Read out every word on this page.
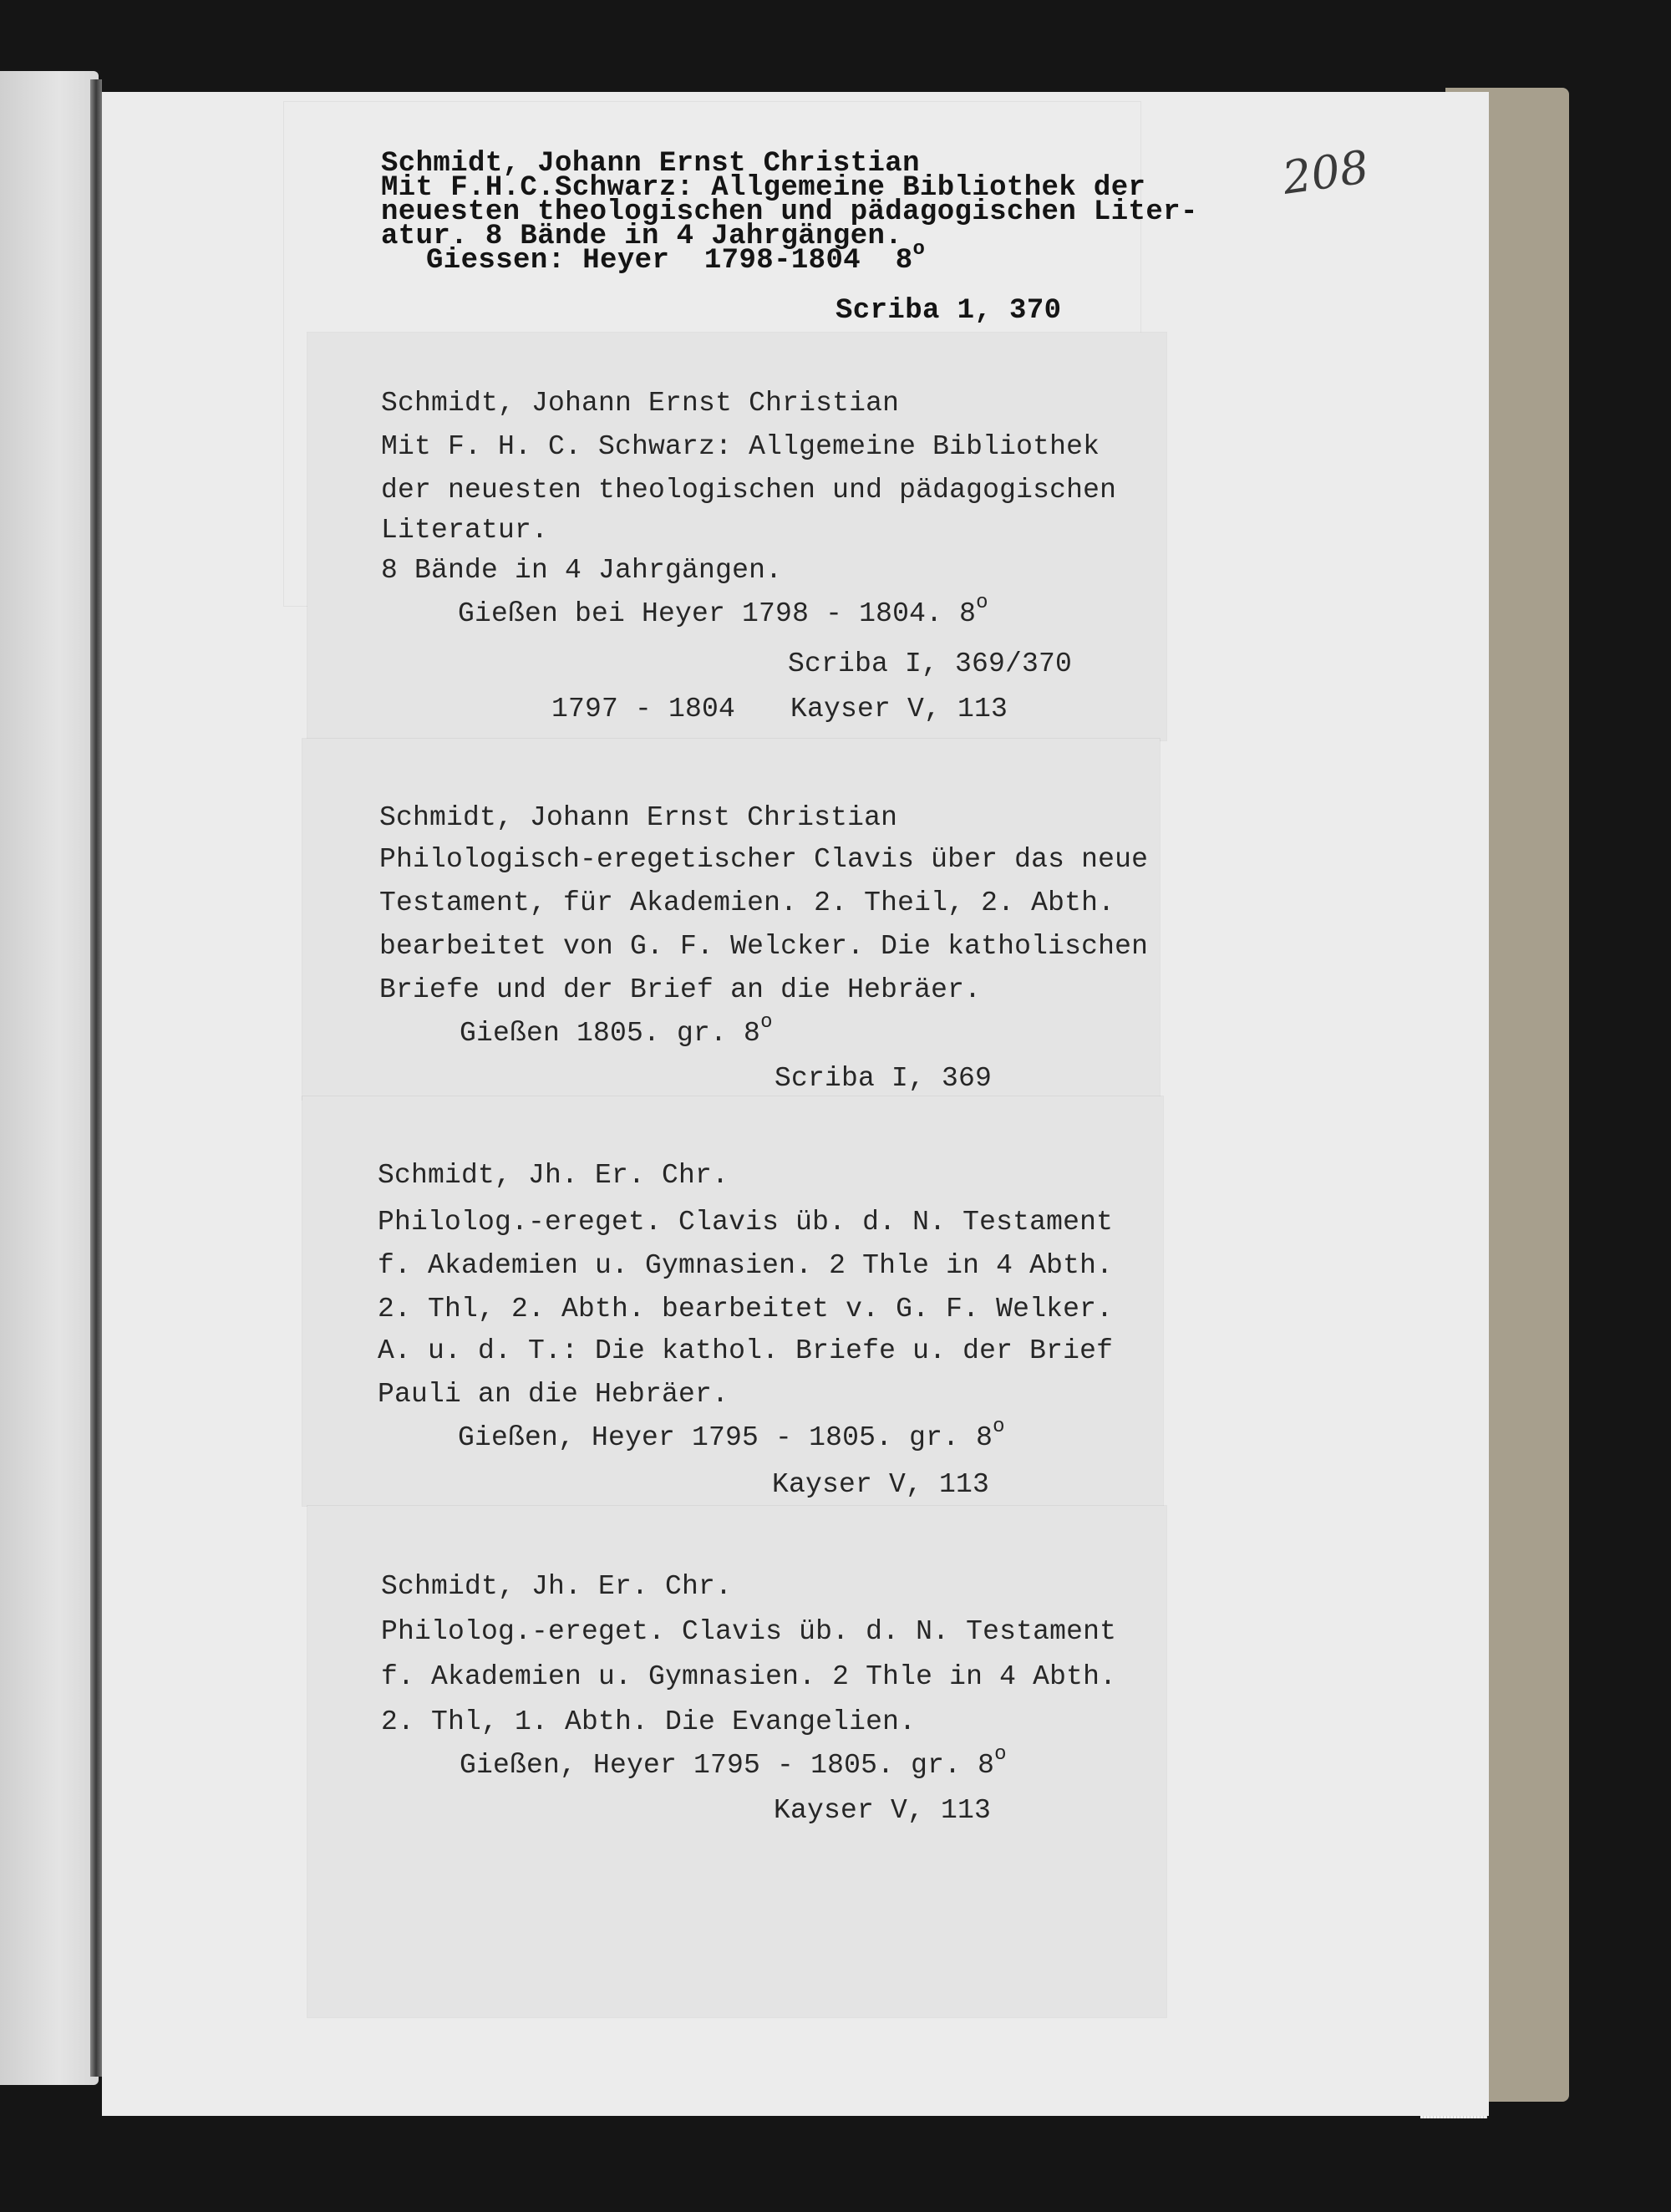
208
Schmidt, Johann Ernst Christian
Mit F.H.C.Schwarz: Allgemeine Bibliothek der
neuesten theologischen und pädagogischen Liter-
atur. 8 Bände in 4 Jahrgängen.
Giessen: Heyer  1798-1804  8$^o$
Scriba 1, 370
Schmidt, Johann Ernst Christian
Mit F. H. C. Schwarz: Allgemeine Bibliothek
der neuesten theologischen und pädagogischen
Literatur.
8 Bände in 4 Jahrgängen.
Gießen bei Heyer 1798 - 1804. 8$^o$
Scriba I, 369/370
1797 - 1804 Kayser V, 113
Schmidt, Johann Ernst Christian
Philologisch-eregetischer Clavis über das neue
Testament, für Akademien. 2. Theil, 2. Abth.
bearbeitet von G. F. Welcker. Die katholischen
Briefe und der Brief an die Hebräer.
Gießen 1805. gr. 8$^o$
Scriba I, 369
Schmidt, Jh. Er. Chr.
Philolog.-ereget. Clavis üb. d. N. Testament
f. Akademien u. Gymnasien. 2 Thle in 4 Abth.
2. Thl, 2. Abth. bearbeitet v. G. F. Welker.
A. u. d. T.: Die kathol. Briefe u. der Brief
Pauli an die Hebräer.
Gießen, Heyer 1795 - 1805. gr. 8$^o$
Kayser V, 113
Schmidt, Jh. Er. Chr.
Philolog.-ereget. Clavis üb. d. N. Testament
f. Akademien u. Gymnasien. 2 Thle in 4 Abth.
2. Thl, 1. Abth. Die Evangelien.
Gießen, Heyer 1795 - 1805. gr. 8$^o$
Kayser V, 113
